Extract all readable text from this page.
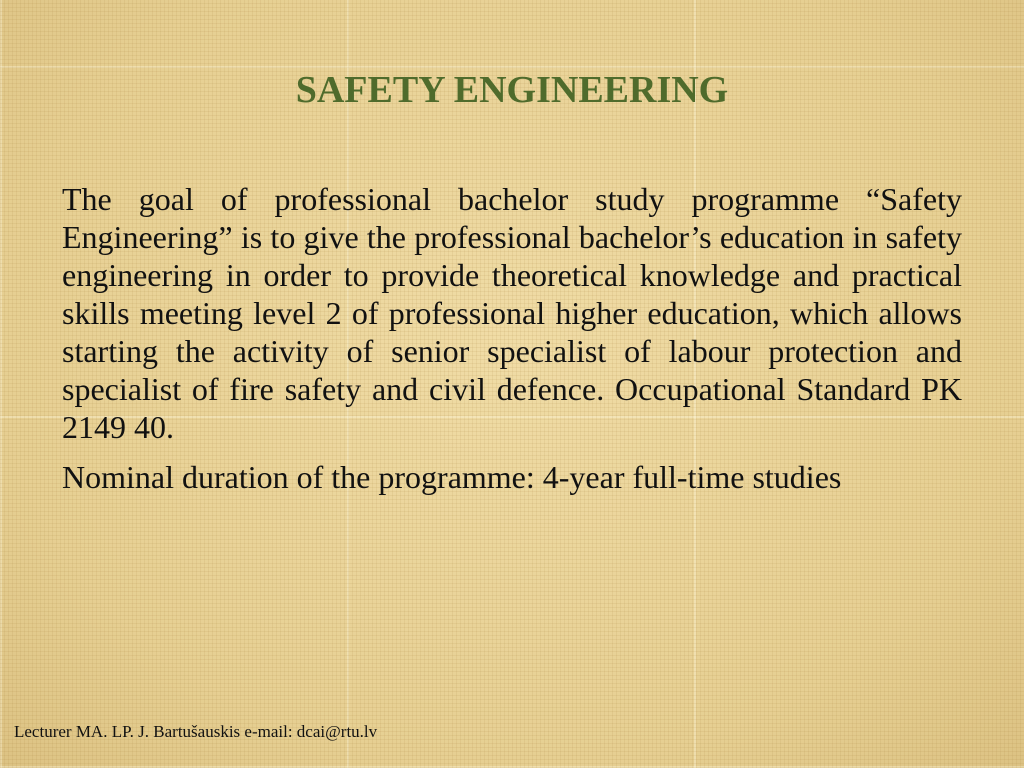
SAFETY ENGINEERING

The goal of professional bachelor study programme “Safety Engineering” is to give the professional bachelor’s education in safety engineering in order to provide theoretical knowledge and practical skills meeting level 2 of professional higher education, which allows starting the activity of senior specialist of labour protection and specialist of fire safety and civil defence. Occupational Standard PK 2149 40.

Nominal duration of the programme: 4-year full-time studies

Lecturer MA. LP. J. Bartušauskis e-mail: dcai@rtu.lv
